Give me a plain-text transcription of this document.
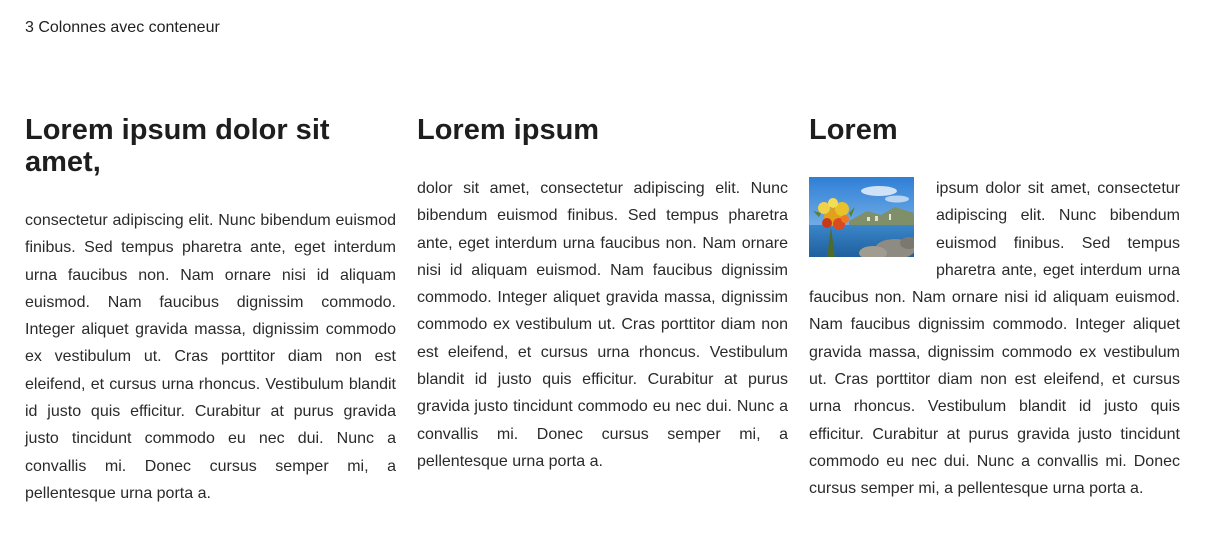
3 Colonnes avec conteneur
Lorem ipsum dolor sit amet,

consectetur adipiscing elit. Nunc bibendum euismod finibus. Sed tempus pharetra ante, eget interdum urna faucibus non. Nam ornare nisi id aliquam euismod. Nam faucibus dignissim commodo. Integer aliquet gravida massa, dignissim commodo ex vestibulum ut. Cras porttitor diam non est eleifend, et cursus urna rhoncus. Vestibulum blandit id justo quis efficitur. Curabitur at purus gravida justo tincidunt commodo eu nec dui. Nunc a convallis mi. Donec cursus semper mi, a pellentesque urna porta a.

Lorem ipsum

dolor sit amet, consectetur adipiscing elit. Nunc bibendum euismod finibus. Sed tempus pharetra ante, eget interdum urna faucibus non. Nam ornare nisi id aliquam euismod. Nam faucibus dignissim commodo. Integer aliquet gravida massa, dignissim commodo ex vestibulum ut. Cras porttitor diam non est eleifend, et cursus urna rhoncus. Vestibulum blandit id justo quis efficitur. Curabitur at purus gravida justo tincidunt commodo eu nec dui. Nunc a convallis mi. Donec cursus semper mi, a pellentesque urna porta a.

Lorem

ipsum dolor sit amet, consectetur adipiscing elit. Nunc bibendum euismod finibus. Sed tempus pharetra ante, eget interdum urna faucibus non. Nam ornare nisi id aliquam euismod. Nam faucibus dignissim commodo. Integer aliquet gravida massa, dignissim commodo ex vestibulum ut. Cras porttitor diam non est eleifend, et cursus urna rhoncus. Vestibulum blandit id justo quis efficitur. Curabitur at purus gravida justo tincidunt commodo eu nec dui. Nunc a convallis mi. Donec cursus semper mi, a pellentesque urna porta a.
